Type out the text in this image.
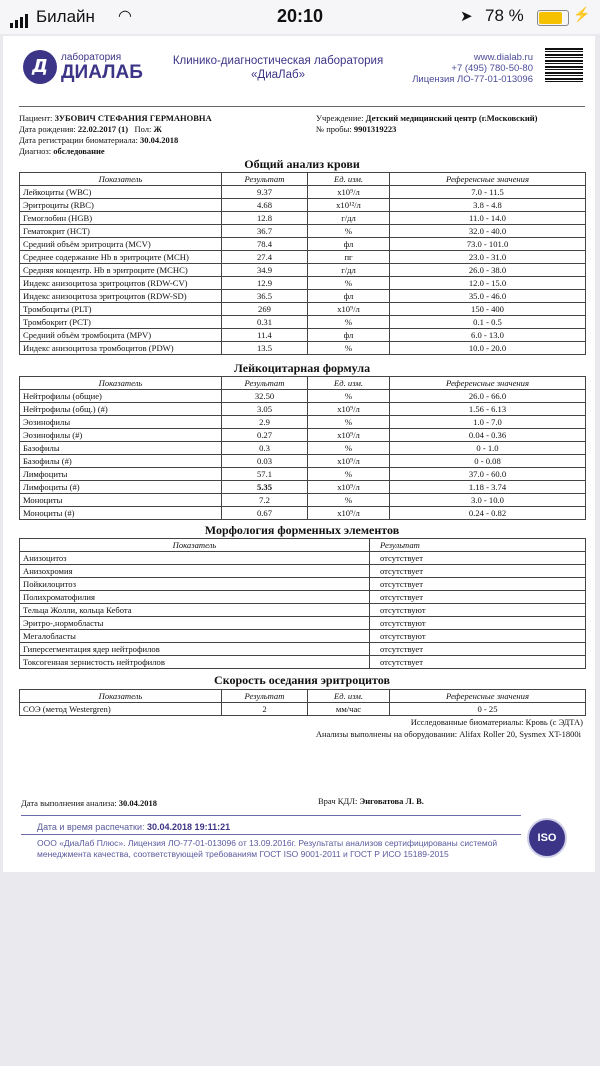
Билайн ◠	20:10	➤ 78 %	⚡
Д	лаборатория
ДИАЛАБ
Клинико-диагностическая лаборатория
«ДиаЛаб»
www.dialab.ru
+7 (495) 780-50-80
Лицензия ЛО-77-01-013096
Пациент: ЗУБОВИЧ СТЕФАНИЯ ГЕРМАНОВНА
Дата рождения: 22.02.2017 (1) Пол: Ж
Дата регистрации биоматериала: 30.04.2018
Диагноз: обследование
Учреждение: Детский медицинский центр (г.Московский)
№ пробы: 9901319223
Общий анализ крови
Показатель	Результат	Ед. изм.	Референсные значения
Лейкоциты (WBC)	9.37	x10⁹/л	7.0 - 11.5
Эритроциты (RBC)	4.68	x10¹²/л	3.8 - 4.8
Гемоглобин (HGB)	12.8	г/дл	11.0 - 14.0
Гематокрит (HCT)	36.7	%	32.0 - 40.0
Средний объём эритроцита (MCV)	78.4	фл	73.0 - 101.0
Среднее содержание Hb в эритроците (MCH)	27.4	пг	23.0 - 31.0
Средняя концентр. Hb в эритроците (MCHC)	34.9	г/дл	26.0 - 38.0
Индекс анизоцитоза эритроцитов (RDW-CV)	12.9	%	12.0 - 15.0
Индекс анизоцитоза эритроцитов (RDW-SD)	36.5	фл	35.0 - 46.0
Тромбоциты (PLT)	269	x10⁹/л	150 - 400
Тромбокрит (PCT)	0.31	%	0.1 - 0.5
Средний объём тромбоцита (MPV)	11.4	фл	6.0 - 13.0
Индекс анизоцитоза тромбоцитов (PDW)	13.5	%	10.0 - 20.0
Лейкоцитарная формула
Показатель	Результат	Ед. изм.	Референсные значения
Нейтрофилы (общие)	32.50	%	26.0 - 66.0
Нейтрофилы (общ.) (#)	3.05	x10⁹/л	1.56 - 6.13
Эозинофилы	2.9	%	1.0 - 7.0
Эозинофилы (#)	0.27	x10⁹/л	0.04 - 0.36
Базофилы	0.3	%	0 - 1.0
Базофилы (#)	0.03	x10⁹/л	0 - 0.08
Лимфоциты	57.1	%	37.0 - 60.0
Лимфоциты (#)	5.35	x10⁹/л	1.18 - 3.74
Моноциты	7.2	%	3.0 - 10.0
Моноциты (#)	0.67	x10⁹/л	0.24 - 0.82
Морфология форменных элементов
Показатель	Результат
Анизоцитоз	отсутствует
Анизохромия	отсутствует
Пойкилоцитоз	отсутствует
Полихроматофилия	отсутствует
Тельца Жолли, кольца Кебота	отсутствуют
Эритро-,нормобласты	отсутствуют
Мегалобласты	отсутствуют
Гиперсегментация ядер нейтрофилов	отсутствует
Токсогенная зернистость нейтрофилов	отсутствует
Скорость оседания эритроцитов
Показатель	Результат	Ед. изм.	Референсные значения
СОЭ (метод Westergren)	2	мм/час	0 - 25
Исследованные биоматериалы: Кровь (с ЭДТА)
Анализы выполнены на оборудовании: Alifax Roller 20, Sysmex XT-1800i
Дата выполнения анализа: 30.04.2018	Врач КДЛ: Энговатова Л. В.
Дата и время распечатки: 30.04.2018 19:11:21
ООО «ДиаЛаб Плюс». Лицензия ЛО-77-01-013096 от 13.09.2016г. Результаты анализов сертифицированы системой менеджмента качества, соответствующей требованиям ГОСТ ISO 9001-2011 и ГОСТ Р ИСО 15189-2015
ISO
